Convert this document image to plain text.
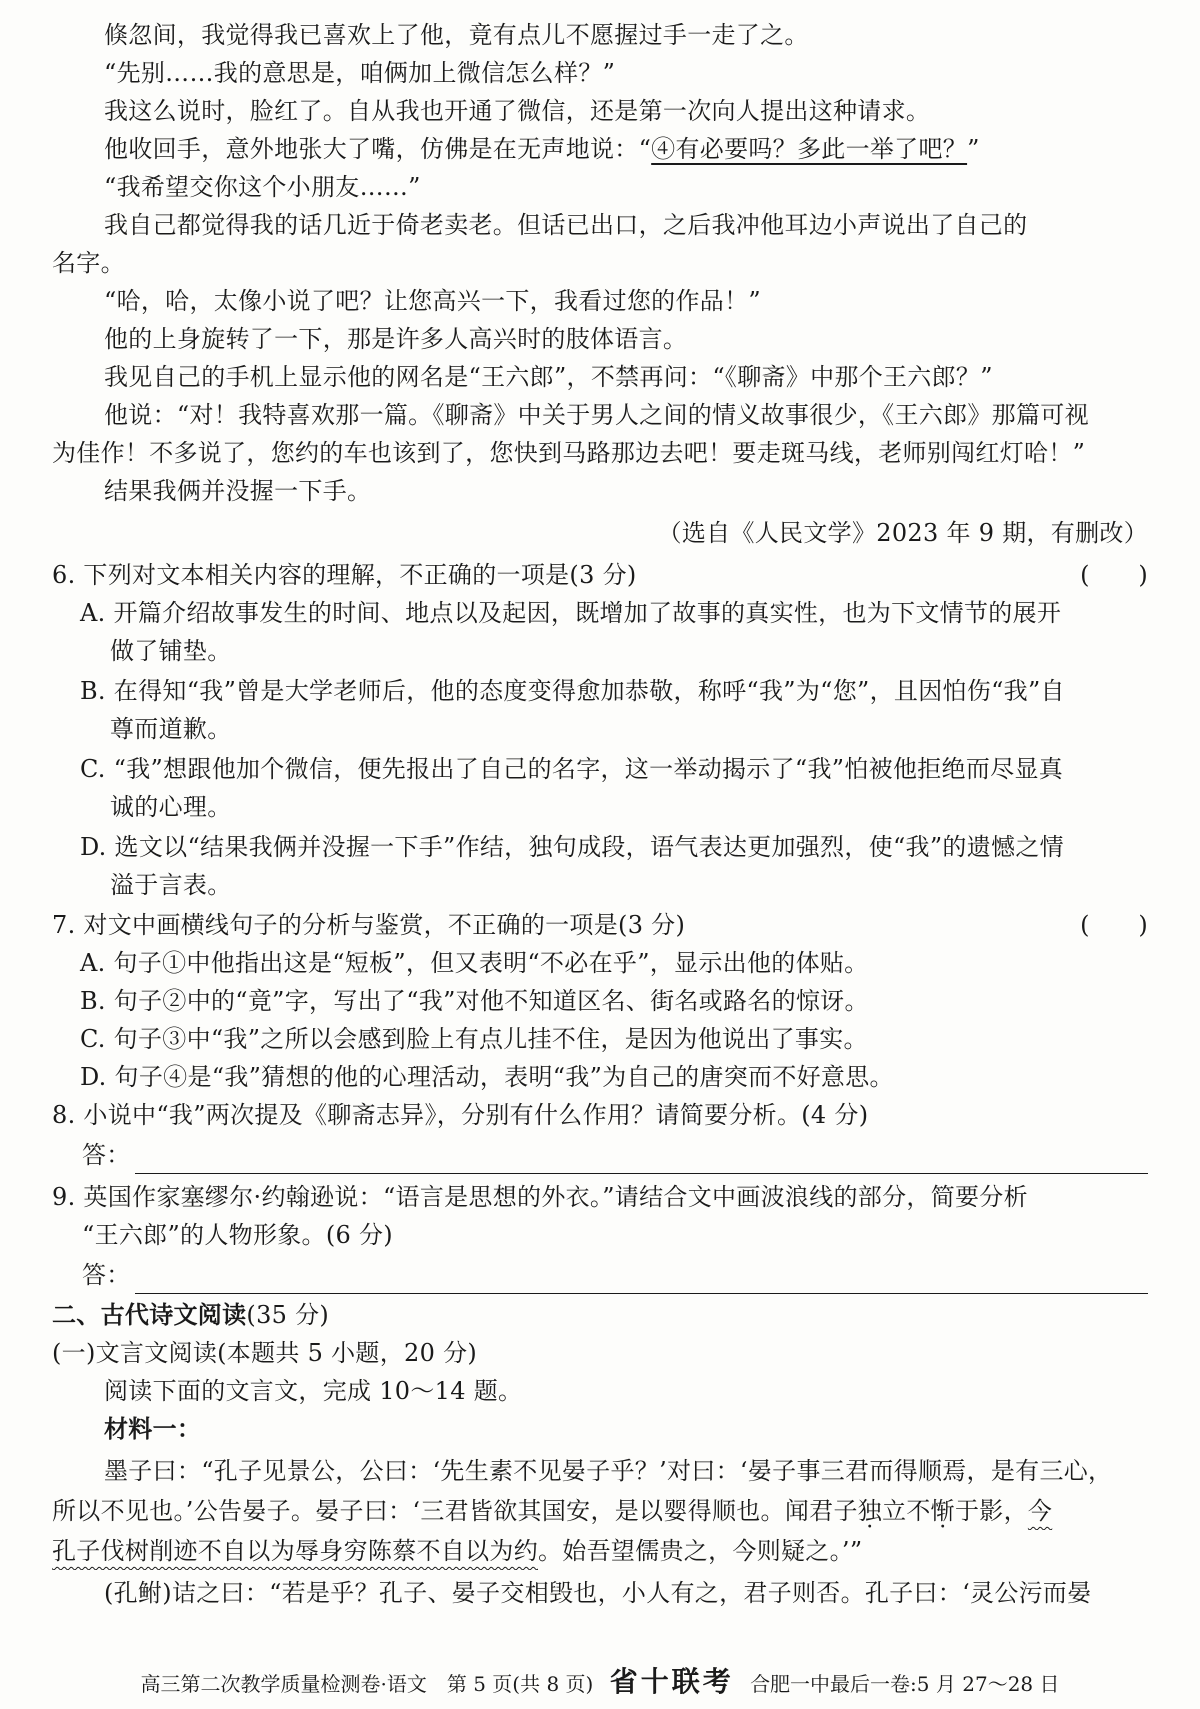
倏忽间，我觉得我已喜欢上了他，竟有点儿不愿握过手一走了之。
“先别……我的意思是，咱俩加上微信怎么样？”
我这么说时，脸红了。自从我也开通了微信，还是第一次向人提出这种请求。
他收回手，意外地张大了嘴，仿佛是在无声地说：“④有必要吗？多此一举了吧？”
“我希望交你这个小朋友……”
我自己都觉得我的话几近于倚老卖老。但话已出口，之后我冲他耳边小声说出了自己的
名字。
“哈，哈，太像小说了吧？让您高兴一下，我看过您的作品！”
他的上身旋转了一下，那是许多人高兴时的肢体语言。
我见自己的手机上显示他的网名是“王六郎”，不禁再问：“《聊斋》中那个王六郎？”
他说：“对！我特喜欢那一篇。《聊斋》中关于男人之间的情义故事很少，《王六郎》那篇可视
为佳作！不多说了，您约的车也该到了，您快到马路那边去吧！要走斑马线，老师别闯红灯哈！”
结果我俩并没握一下手。
（选自《人民文学》2023 年 9 期，有删改）
6. 下列对文本相关内容的理解，不正确的一项是(3 分)	(　　)
A. 开篇介绍故事发生的时间、地点以及起因，既增加了故事的真实性，也为下文情节的展开
做了铺垫。
B. 在得知“我”曾是大学老师后，他的态度变得愈加恭敬，称呼“我”为“您”，且因怕伤“我”自
尊而道歉。
C. “我”想跟他加个微信，便先报出了自己的名字，这一举动揭示了“我”怕被他拒绝而尽显真
诚的心理。
D. 选文以“结果我俩并没握一下手”作结，独句成段，语气表达更加强烈，使“我”的遗憾之情
溢于言表。
7. 对文中画横线句子的分析与鉴赏，不正确的一项是(3 分)	(　　)
A. 句子①中他指出这是“短板”，但又表明“不必在乎”，显示出他的体贴。
B. 句子②中的“竟”字，写出了“我”对他不知道区名、街名或路名的惊讶。
C. 句子③中“我”之所以会感到脸上有点儿挂不住，是因为他说出了事实。
D. 句子④是“我”猜想的他的心理活动，表明“我”为自己的唐突而不好意思。
8. 小说中“我”两次提及《聊斋志异》，分别有什么作用？请简要分析。(4 分)
答：
9. 英国作家塞缪尔·约翰逊说：“语言是思想的外衣。”请结合文中画波浪线的部分，简要分析
“王六郎”的人物形象。(6 分)
答：
二、古代诗文阅读(35 分)
(一)文言文阅读(本题共 5 小题，20 分)
阅读下面的文言文，完成 10～14 题。
材料一：
墨子曰：“孔子见景公，公曰：‘先生素不见晏子乎？’对曰：‘晏子事三君而得顺焉，是有三心，
所以不见也。’公告晏子。晏子曰：‘三君皆欲其国安，是以婴得顺也。闻君子独立不惭于影，今
孔子伐树削迹不自以为辱身穷陈蔡不自以为约。始吾望儒贵之，今则疑之。’”
(孔鲋)诘之曰：“若是乎？孔子、晏子交相毁也，小人有之，君子则否。孔子曰：‘灵公污而晏
高三第二次教学质量检测卷·语文　第 5 页(共 8 页) 省十联考 合肥一中最后一卷:5 月 27～28 日
